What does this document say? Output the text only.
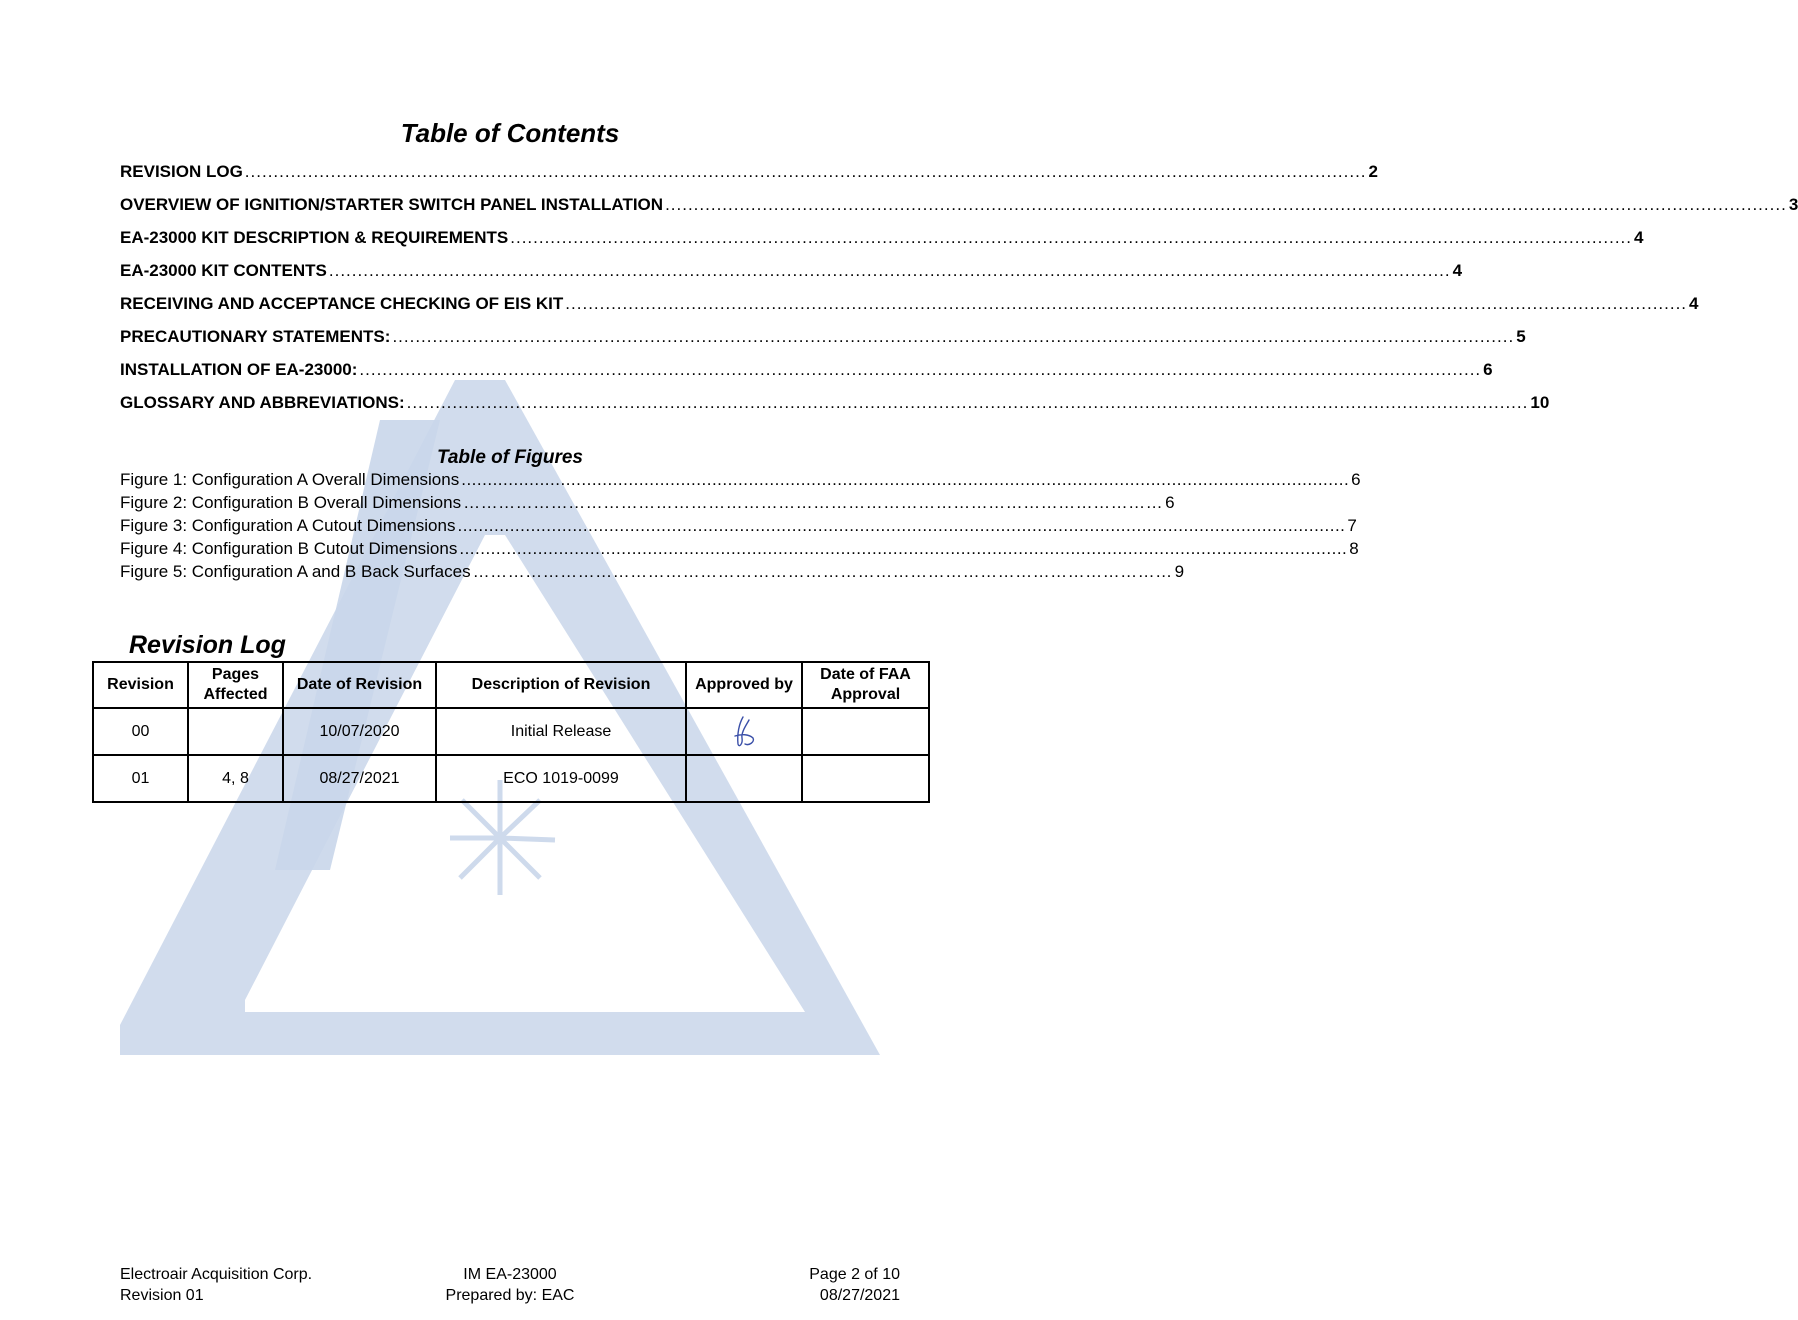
Table of Contents
REVISION LOG .................................................................................................................................................................................................... 2
OVERVIEW OF IGNITION/STARTER SWITCH PANEL INSTALLATION .................................................................................................................................................................................................... 3
EA-23000 KIT DESCRIPTION & REQUIREMENTS .................................................................................................................................................................................................... 4
EA-23000 KIT CONTENTS .................................................................................................................................................................................................... 4
RECEIVING AND ACCEPTANCE CHECKING OF EIS KIT .................................................................................................................................................................................................... 4
PRECAUTIONARY STATEMENTS: .................................................................................................................................................................................................... 5
INSTALLATION OF EA-23000: .................................................................................................................................................................................................... 6
GLOSSARY AND ABBREVIATIONS: .................................................................................................................................................................................................... 10
Table of Figures
Figure 1: Configuration A Overall Dimensions .......................................................................................................................................................................... 6
Figure 2: Configuration B Overall Dimensions ………………………………………………………………………………………………………… 6
Figure 3: Configuration A Cutout Dimensions .......................................................................................................................................................................... 7
Figure 4: Configuration B Cutout Dimensions .......................................................................................................................................................................... 8
Figure 5: Configuration A and B Back Surfaces ………………………………………………………………………………………………………… 9
Revision Log
Revision	Pages Affected	Date of Revision	Description of Revision	Approved by	Date of FAA Approval
00		10/07/2020	Initial Release		
01	4, 8	08/27/2021	ECO 1019-0099		
Electroair Acquisition Corp.
Revision 01
IM EA-23000
Prepared by: EAC
Page 2 of 10
08/27/2021
